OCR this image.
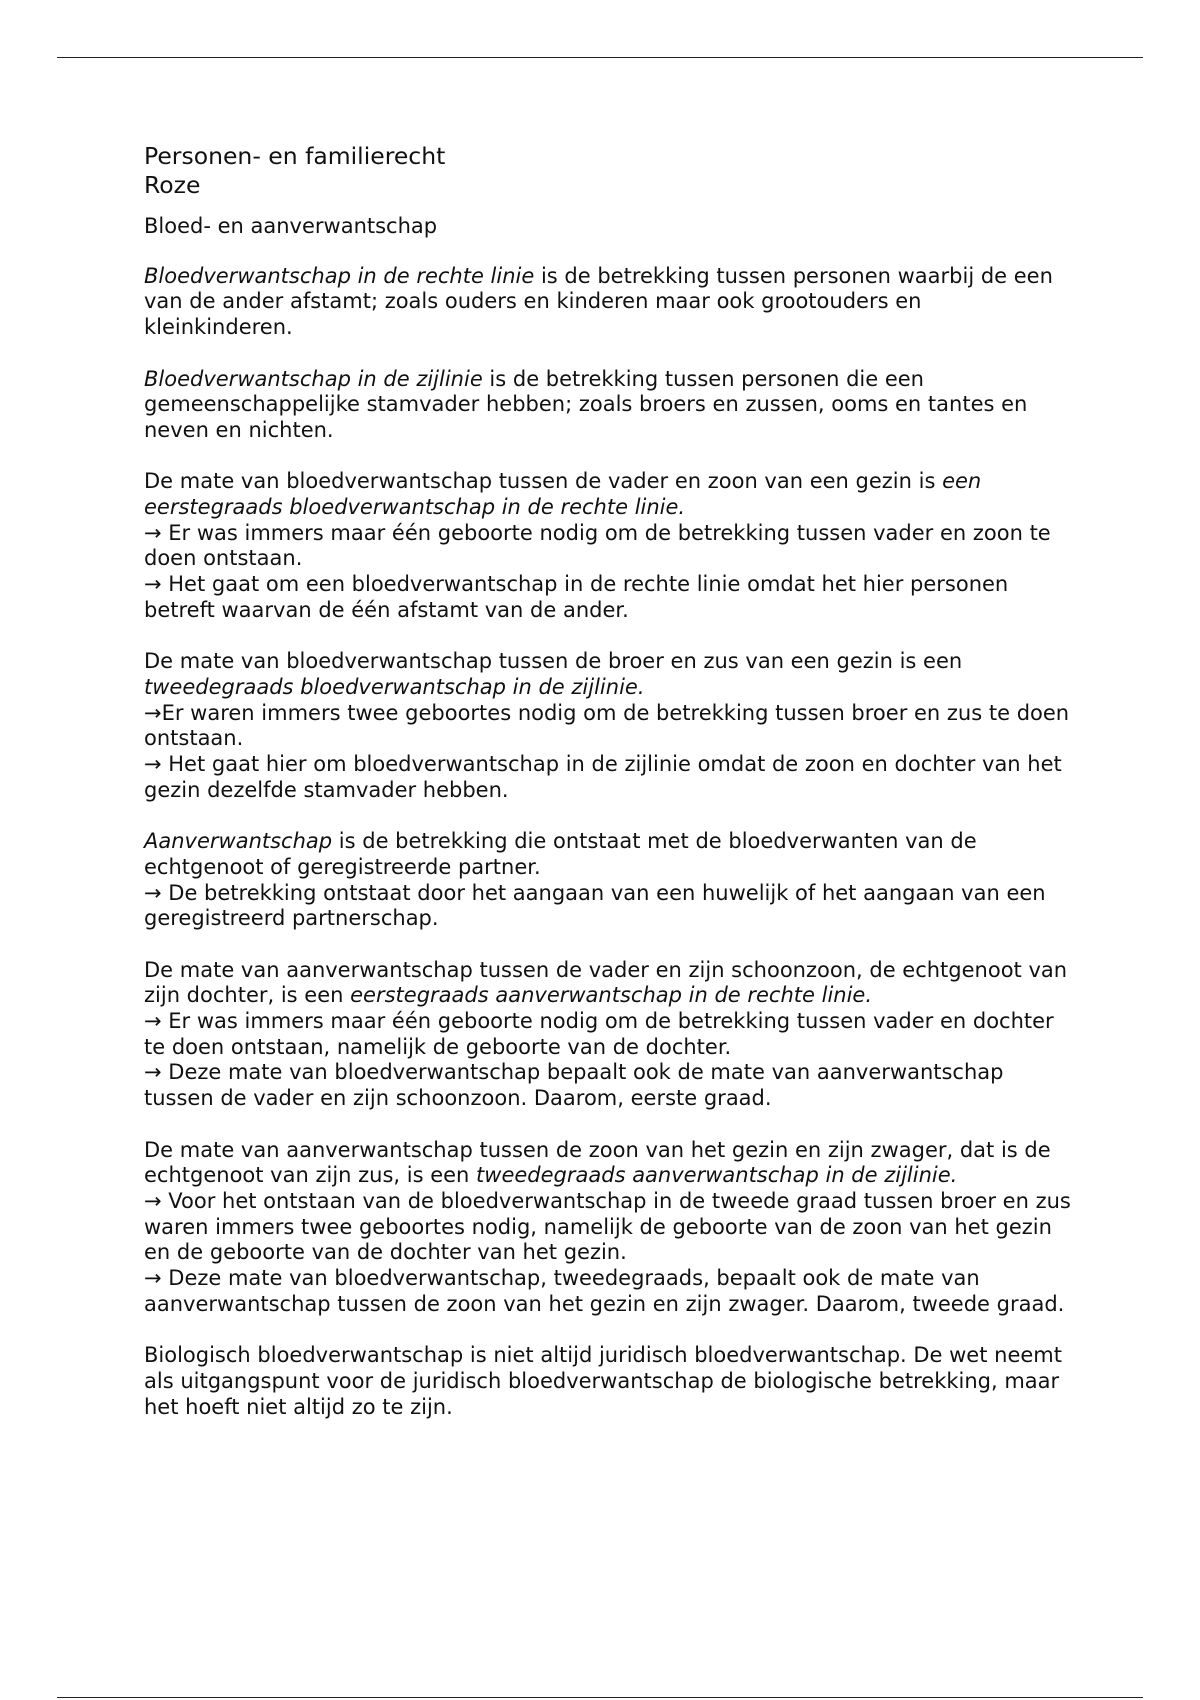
Personen- en familierecht
Roze
Bloed- en aanverwantschap
Bloedverwantschap in de rechte linie is de betrekking tussen personen waarbij de een van de ander afstamt; zoals ouders en kinderen maar ook grootouders en kleinkinderen.
Bloedverwantschap in de zijlinie is de betrekking tussen personen die een gemeenschappelijke stamvader hebben; zoals broers en zussen, ooms en tantes en neven en nichten.
De mate van bloedverwantschap tussen de vader en zoon van een gezin is een eerstegraads bloedverwantschap in de rechte linie.
→ Er was immers maar één geboorte nodig om de betrekking tussen vader en zoon te doen ontstaan.
→ Het gaat om een bloedverwantschap in de rechte linie omdat het hier personen betreft waarvan de één afstamt van de ander.
De mate van bloedverwantschap tussen de broer en zus van een gezin is een tweedegraads bloedverwantschap in de zijlinie.
→Er waren immers twee geboortes nodig om de betrekking tussen broer en zus te doen ontstaan.
→ Het gaat hier om bloedverwantschap in de zijlinie omdat de zoon en dochter van het gezin dezelfde stamvader hebben.
Aanverwantschap is de betrekking die ontstaat met de bloedverwanten van de echtgenoot of geregistreerde partner.
→ De betrekking ontstaat door het aangaan van een huwelijk of het aangaan van een geregistreerd partnerschap.
De mate van aanverwantschap tussen de vader en zijn schoonzoon, de echtgenoot van zijn dochter, is een eerstegraads aanverwantschap in de rechte linie.
→ Er was immers maar één geboorte nodig om de betrekking tussen vader en dochter te doen ontstaan, namelijk de geboorte van de dochter.
→ Deze mate van bloedverwantschap bepaalt ook de mate van aanverwantschap tussen de vader en zijn schoonzoon. Daarom, eerste graad.
De mate van aanverwantschap tussen de zoon van het gezin en zijn zwager, dat is de echtgenoot van zijn zus, is een tweedegraads aanverwantschap in de zijlinie.
→ Voor het ontstaan van de bloedverwantschap in de tweede graad tussen broer en zus waren immers twee geboortes nodig, namelijk de geboorte van de zoon van het gezin en de geboorte van de dochter van het gezin.
→ Deze mate van bloedverwantschap, tweedegraads, bepaalt ook de mate van aanverwantschap tussen de zoon van het gezin en zijn zwager. Daarom, tweede graad.
Biologisch bloedverwantschap is niet altijd juridisch bloedverwantschap. De wet neemt als uitgangspunt voor de juridisch bloedverwantschap de biologische betrekking, maar het hoeft niet altijd zo te zijn.
